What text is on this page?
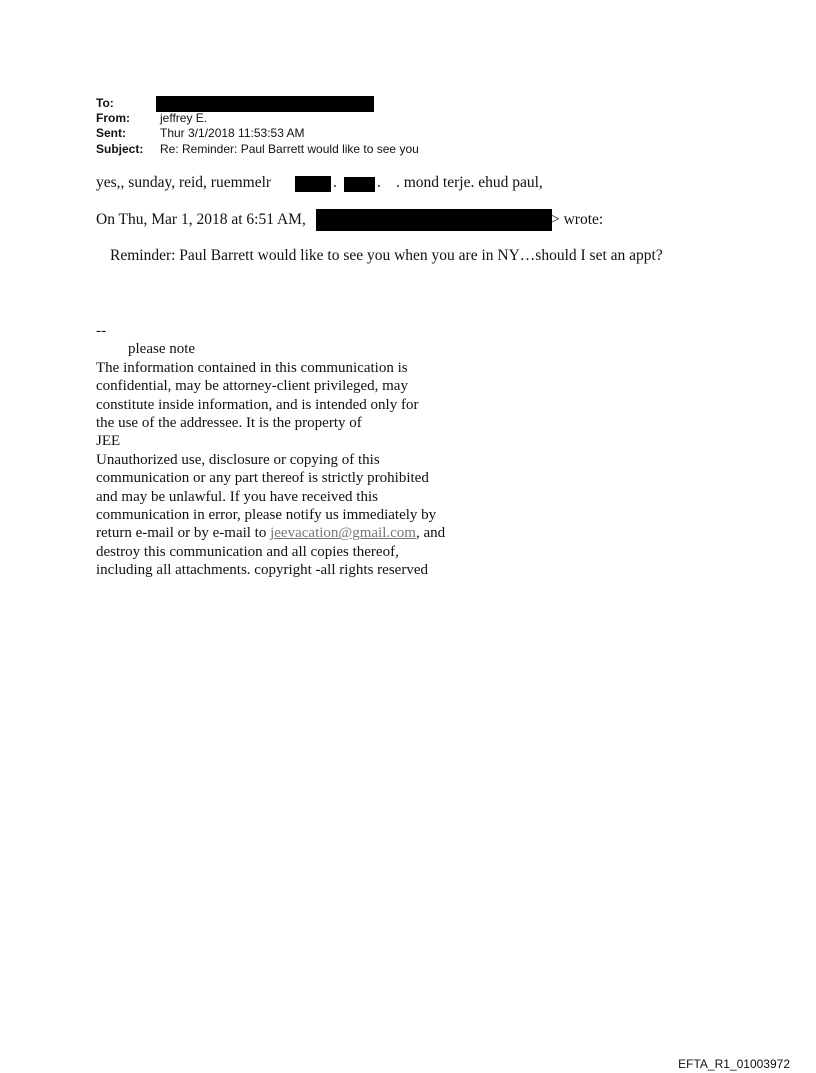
To:
From:	jeffrey E.
Sent:	Thur 3/1/2018 11:53:53 AM
Subject: Re: Reminder: Paul Barrett would like to see you
yes,, sunday, reid, ruemmelr	.	. . mond terje. ehud paul,
On Thu, Mar 1, 2018 at 6:51 AM,	> wrote:
Reminder: Paul Barrett would like to see you when you are in NY…should I set an appt?
--
please note
The information contained in this communication is
confidential, may be attorney-client privileged, may
constitute inside information, and is intended only for
the use of the addressee. It is the property of
JEE
Unauthorized use, disclosure or copying of this
communication or any part thereof is strictly prohibited
and may be unlawful. If you have received this
communication in error, please notify us immediately by
return e-mail or by e-mail to jeevacation@gmail.com, and
destroy this communication and all copies thereof,
including all attachments. copyright -all rights reserved
EFTA_R1_01003972
